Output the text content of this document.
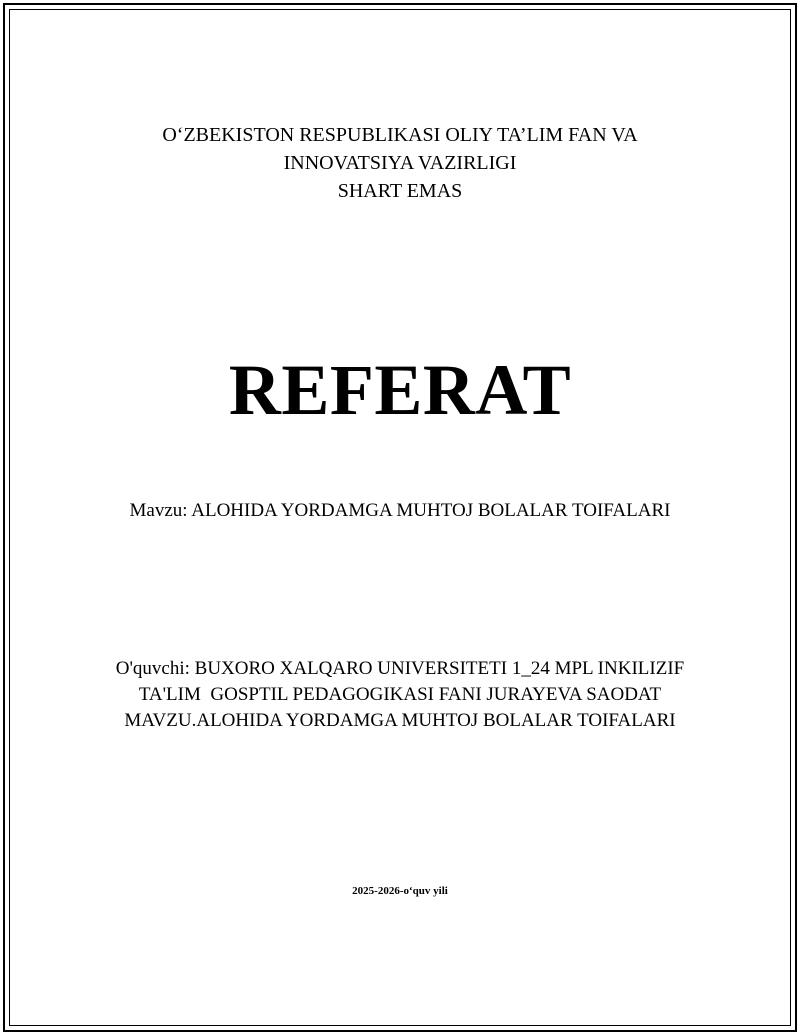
O‘ZBEKISTON RESPUBLIKASI OLIY TA’LIM FAN VA
INNOVATSIYA VAZIRLIGI
SHART EMAS
REFERAT
Mavzu: ALOHIDA YORDAMGA MUHTOJ BOLALAR TOIFALARI
O'quvchi: BUXORO XALQARO UNIVERSITETI 1_24 MPL INKILIZIF
TA'LIM  GOSPTIL PEDAGOGIKASI FANI JURAYEVA SAODAT
MAVZU.ALOHIDA YORDAMGA MUHTOJ BOLALAR TOIFALARI
2025-2026-o‘quv yili
